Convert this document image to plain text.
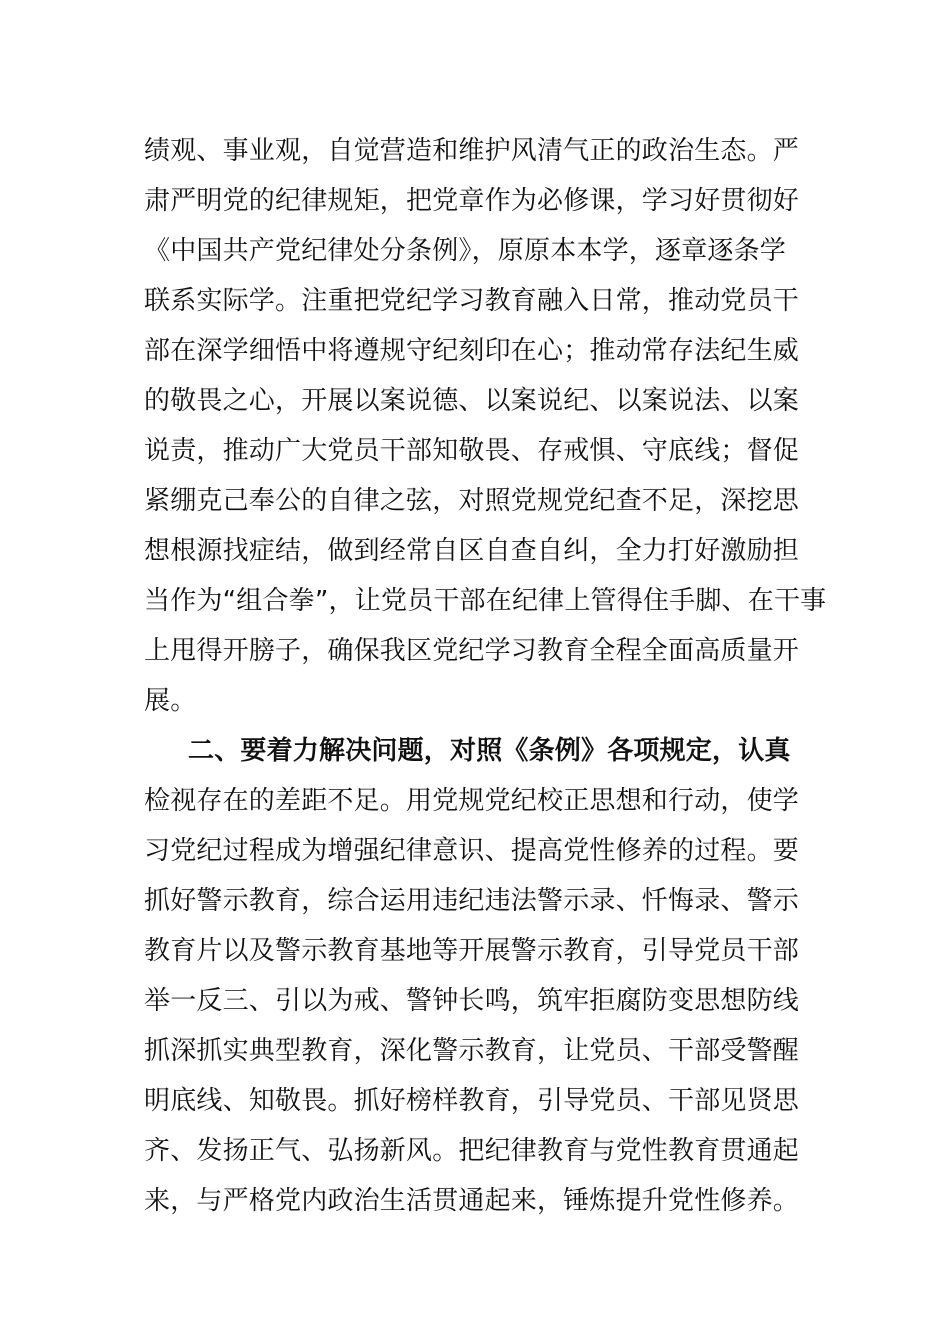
绩观、事业观，自觉营造和维护风清气正的政治生态。严
肃严明党的纪律规矩，把党章作为必修课，学习好贯彻好
《中国共产党纪律处分条例》，原原本本学，逐章逐条学
联系实际学。注重把党纪学习教育融入日常，推动党员干
部在深学细悟中将遵规守纪刻印在心；推动常存法纪生威
的敬畏之心，开展以案说德、以案说纪、以案说法、以案
说责，推动广大党员干部知敬畏、存戒惧、守底线；督促
紧绷克己奉公的自律之弦，对照党规党纪查不足，深挖思
想根源找症结，做到经常自区自查自纠，全力打好激励担
当作为“组合拳”，让党员干部在纪律上管得住手脚、在干事
上甩得开膀子，确保我区党纪学习教育全程全面高质量开
展。
二、要着力解决问题，对照《条例》各项规定，认真
检视存在的差距不足。用党规党纪校正思想和行动，使学
习党纪过程成为增强纪律意识、提高党性修养的过程。要
抓好警示教育，综合运用违纪违法警示录、忏悔录、警示
教育片以及警示教育基地等开展警示教育，引导党员干部
举一反三、引以为戒、警钟长鸣，筑牢拒腐防变思想防线
抓深抓实典型教育，深化警示教育，让党员、干部受警醒
明底线、知敬畏。抓好榜样教育，引导党员、干部见贤思
齐、发扬正气、弘扬新风。把纪律教育与党性教育贯通起
来，与严格党内政治生活贯通起来，锤炼提升党性修养。
